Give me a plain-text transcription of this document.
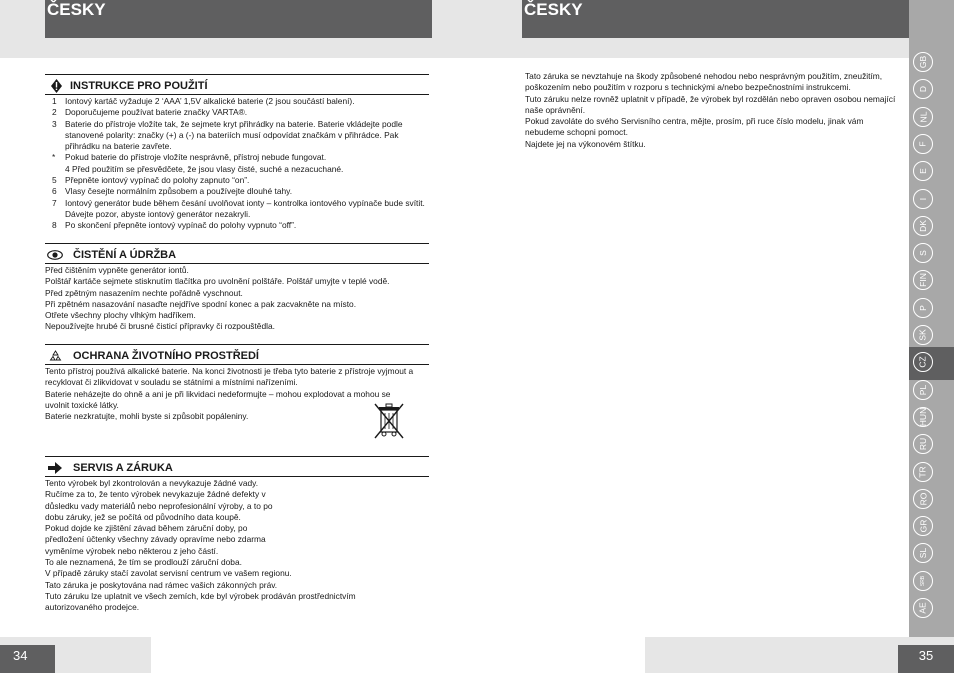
ČESKY	ČESKY
GB
D
NL
F
E
I
DK
S
FIN
P
SK
CZ
PL
HUN
RU
TR
RO
GR
SL
SRB
AE
INSTRUKCE PRO POUŽITÍ
1 Iontový kartáč vyžaduje 2 ‘AAA’ 1,5V alkalické baterie (2 jsou součástí balení).
2 Doporučujeme používat baterie značky VARTA®.
3 Baterie do přístroje vložíte tak, že sejmete kryt přihrádky na baterie. Baterie vkládejte podle stanovené polarity: značky (+) a (-) na bateriích musí odpovídat značkám v přihrádce. Pak přihrádku na baterie zavřete.
*	Pokud baterie do přístroje vložíte nesprávně, přístroj nebude fungovat.
4 Před použitím se přesvědčete, že jsou vlasy čisté, suché a nezacuchané.
5 Přepněte iontový vypínač do polohy zapnuto “on”.
6 Vlasy česejte normálním způsobem a používejte dlouhé tahy.
7 Iontový generátor bude během česání uvolňovat ionty – kontrolka iontového vypínače bude svítit. Dávejte pozor, abyste iontový generátor nezakryli.
8 Po skončení přepněte iontový vypínač do polohy vypnuto “off”.
ČISTĚNÍ A ÚDRŽBA

Před čištěním vypněte generátor iontů.

Polštář kartáče sejmete stisknutím tlačítka pro uvolnění polštáře. Polštář umyjte v teplé vodě.

Před zpětným nasazením nechte pořádně vyschnout.

Při zpětném nasazování nasaďte nejdříve spodní konec a pak zacvakněte na místo.

Otřete všechny plochy vlhkým hadříkem.

Nepoužívejte hrubé či brusné čisticí přípravky či rozpouštědla.

OCHRANA ŽIVOTNÍHO PROSTŘEDÍ

Tento přístroj používá alkalické baterie. Na konci životnosti je třeba tyto baterie z přístroje vyjmout a recyklovat či zlikvidovat v souladu se státními a místními nařízeními.

Baterie neházejte do ohně a ani je při likvidaci nedeformujte – mohou explodovat a mohou se uvolnit toxické látky.

Baterie nezkratujte, mohli byste si způsobit popáleniny.

SERVIS A ZÁRUKA

Tento výrobek byl zkontrolován a nevykazuje žádné vady.

Ručíme za to, že tento výrobek nevykazuje žádné defekty v

důsledku vady materiálů nebo neprofesionální výroby, a to po

dobu záruky, jež se počítá od původního data koupě.

Pokud dojde ke zjištění závad během záruční doby, po

předložení účtenky všechny závady opravíme nebo zdarma

vyměníme výrobek nebo některou z jeho částí.

To ale neznamená, že tím se prodlouží záruční doba.

V případě záruky stačí zavolat servisní centrum ve vašem regionu.

Tato záruka je poskytována nad rámec vašich zákonných práv.

Tuto záruku lze uplatnit ve všech zemích, kde byl výrobek prodáván prostřednictvím

autorizovaného prodejce.

Tato záruka se nevztahuje na škody způsobené nehodou nebo nesprávným použitím, zneužitím, poškozením nebo použitím v rozporu s technickými a/nebo bezpečnostními instrukcemi.

Tuto záruku nelze rovněž uplatnit v případě, že výrobek byl rozdělán nebo opraven osobou nemající naše oprávnění.

Pokud zavoláte do svého Servisního centra, mějte, prosím, při ruce číslo modelu, jinak vám nebudeme schopni pomoct.

Najdete jej na výkonovém štítku.

34	35
